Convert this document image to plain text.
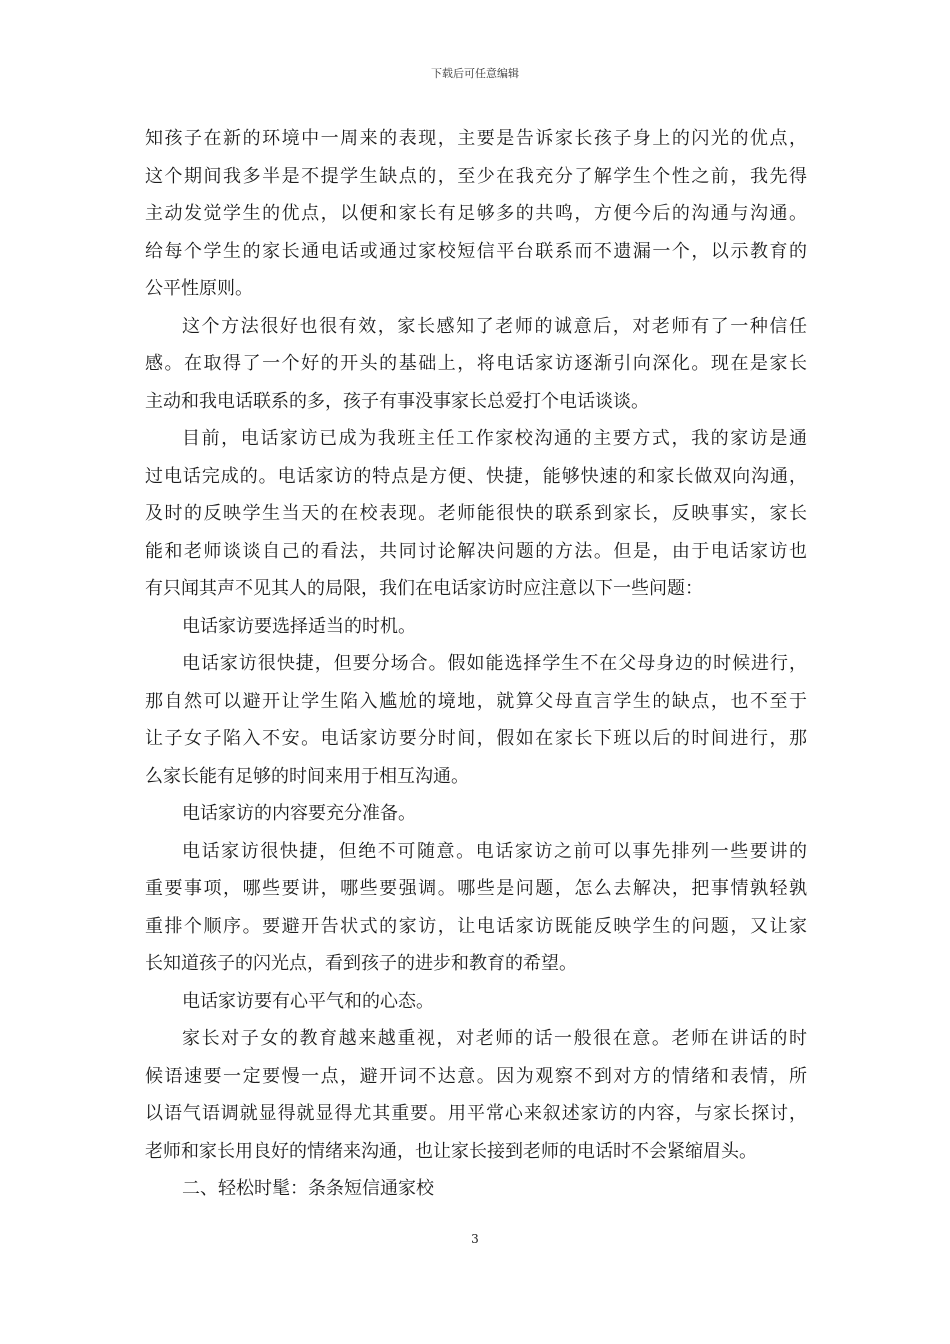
下载后可任意编辑
知孩子在新的环境中一周来的表现，主要是告诉家长孩子身上的闪光的优点，
这个期间我多半是不提学生缺点的，至少在我充分了解学生个性之前，我先得
主动发觉学生的优点，以便和家长有足够多的共鸣，方便今后的沟通与沟通。
给每个学生的家长通电话或通过家校短信平台联系而不遗漏一个，以示教育的
公平性原则。
这个方法很好也很有效，家长感知了老师的诚意后，对老师有了一种信任
感。在取得了一个好的开头的基础上，将电话家访逐渐引向深化。现在是家长
主动和我电话联系的多，孩子有事没事家长总爱打个电话谈谈。
目前，电话家访已成为我班主任工作家校沟通的主要方式，我的家访是通
过电话完成的。电话家访的特点是方便、快捷，能够快速的和家长做双向沟通，
及时的反映学生当天的在校表现。老师能很快的联系到家长，反映事实，家长
能和老师谈谈自己的看法，共同讨论解决问题的方法。但是，由于电话家访也
有只闻其声不见其人的局限，我们在电话家访时应注意以下一些问题：
电话家访要选择适当的时机。
电话家访很快捷，但要分场合。假如能选择学生不在父母身边的时候进行，
那自然可以避开让学生陷入尴尬的境地，就算父母直言学生的缺点，也不至于
让子女子陷入不安。电话家访要分时间，假如在家长下班以后的时间进行，那
么家长能有足够的时间来用于相互沟通。
电话家访的内容要充分准备。
电话家访很快捷，但绝不可随意。电话家访之前可以事先排列一些要讲的
重要事项，哪些要讲，哪些要强调。哪些是问题，怎么去解决，把事情孰轻孰
重排个顺序。要避开告状式的家访，让电话家访既能反映学生的问题，又让家
长知道孩子的闪光点，看到孩子的进步和教育的希望。
电话家访要有心平气和的心态。
家长对子女的教育越来越重视，对老师的话一般很在意。老师在讲话的时
候语速要一定要慢一点，避开词不达意。因为观察不到对方的情绪和表情，所
以语气语调就显得就显得尤其重要。用平常心来叙述家访的内容，与家长探讨，
老师和家长用良好的情绪来沟通，也让家长接到老师的电话时不会紧缩眉头。
二、轻松时髦：条条短信通家校
3
